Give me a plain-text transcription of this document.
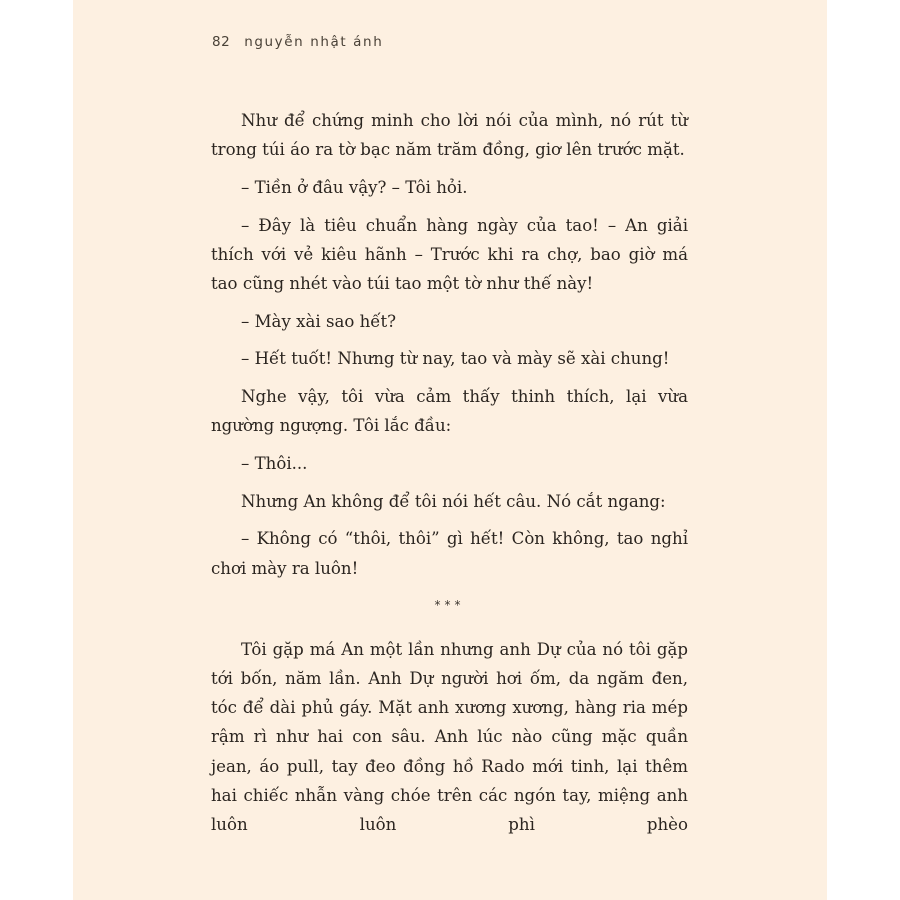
82 nguyễn nhật ánh

Như để chứng minh cho lời nói của mình, nó rút từ trong túi áo ra tờ bạc năm trăm đồng, giơ lên trước mặt.

– Tiền ở đâu vậy? – Tôi hỏi.

– Đây là tiêu chuẩn hàng ngày của tao! – An giải thích với vẻ kiêu hãnh – Trước khi ra chợ, bao giờ má tao cũng nhét vào túi tao một tờ như thế này!

– Mày xài sao hết?

– Hết tuốt! Nhưng từ nay, tao và mày sẽ xài chung!

Nghe vậy, tôi vừa cảm thấy thinh thích, lại vừa ngường ngượng. Tôi lắc đầu:

– Thôi...

Nhưng An không để tôi nói hết câu. Nó cắt ngang:

– Không có “thôi, thôi” gì hết! Còn không, tao nghỉ chơi mày ra luôn!

***

Tôi gặp má An một lần nhưng anh Dự của nó tôi gặp tới bốn, năm lần. Anh Dự người hơi ốm, da ngăm đen, tóc để dài phủ gáy. Mặt anh xương xương, hàng ria mép rậm rì như hai con sâu. Anh lúc nào cũng mặc quần jean, áo pull, tay đeo đồng hồ Rado mới tinh, lại thêm hai chiếc nhẫn vàng chóe trên các ngón tay, miệng anh luôn luôn phì phèo
